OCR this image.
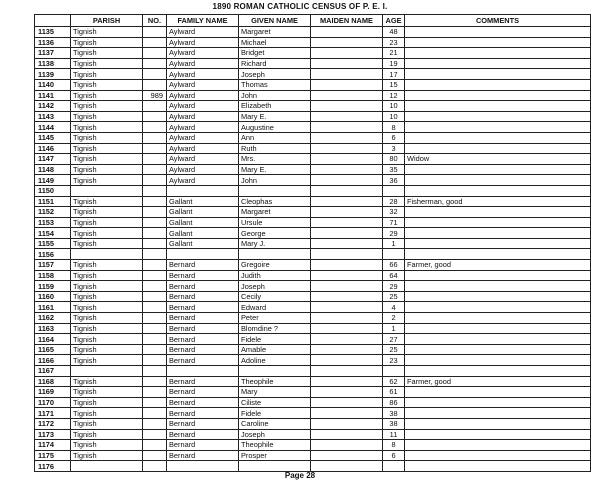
1890 ROMAN CATHOLIC CENSUS OF P. E. I.
	PARISH	NO.	FAMILY NAME	GIVEN NAME	MAIDEN NAME	AGE	COMMENTS
1135	Tignish		Aylward	Margaret		48	
1136	Tignish		Aylward	Michael		23	
1137	Tignish		Aylward	Bridget		21	
1138	Tignish		Aylward	Richard		19	
1139	Tignish		Aylward	Joseph		17	
1140	Tignish		Aylward	Thomas		15	
1141	Tignish	989	Aylward	John		12	
1142	Tignish		Aylward	Elizabeth		10	
1143	Tignish		Aylward	Mary E.		10	
1144	Tignish		Aylward	Augustine		8	
1145	Tignish		Aylward	Ann		6	
1146	Tignish		Aylward	Ruth		3	
1147	Tignish		Aylward	Mrs.		80	Widow
1148	Tignish		Aylward	Mary E.		35	
1149	Tignish		Aylward	John		36	
1150							
1151	Tignish		Gallant	Cleophas		28	Fisherman, good
1152	Tignish		Gallant	Margaret		32	
1153	Tignish		Gallant	Ursule		71	
1154	Tignish		Gallant	George		29	
1155	Tignish		Gallant	Mary J.		1	
1156							
1157	Tignish		Bernard	Gregoire		66	Farmer, good
1158	Tignish		Bernard	Judith		64	
1159	Tignish		Bernard	Joseph		29	
1160	Tignish		Bernard	Cecily		25	
1161	Tignish		Bernard	Edward		4	
1162	Tignish		Bernard	Peter		2	
1163	Tignish		Bernard	Blomdine ?		1	
1164	Tignish		Bernard	Fidele		27	
1165	Tignish		Bernard	Amable		25	
1166	Tignish		Bernard	Adoline		23	
1167							
1168	Tignish		Bernard	Theophile		62	Farmer, good
1169	Tignish		Bernard	Mary		61	
1170	Tignish		Bernard	Ciliste		86	
1171	Tignish		Bernard	Fidele		38	
1172	Tignish		Bernard	Caroline		38	
1173	Tignish		Bernard	Joseph		11	
1174	Tignish		Bernard	Theophile		8	
1175	Tignish		Bernard	Prosper		6	
1176							
Page 28
